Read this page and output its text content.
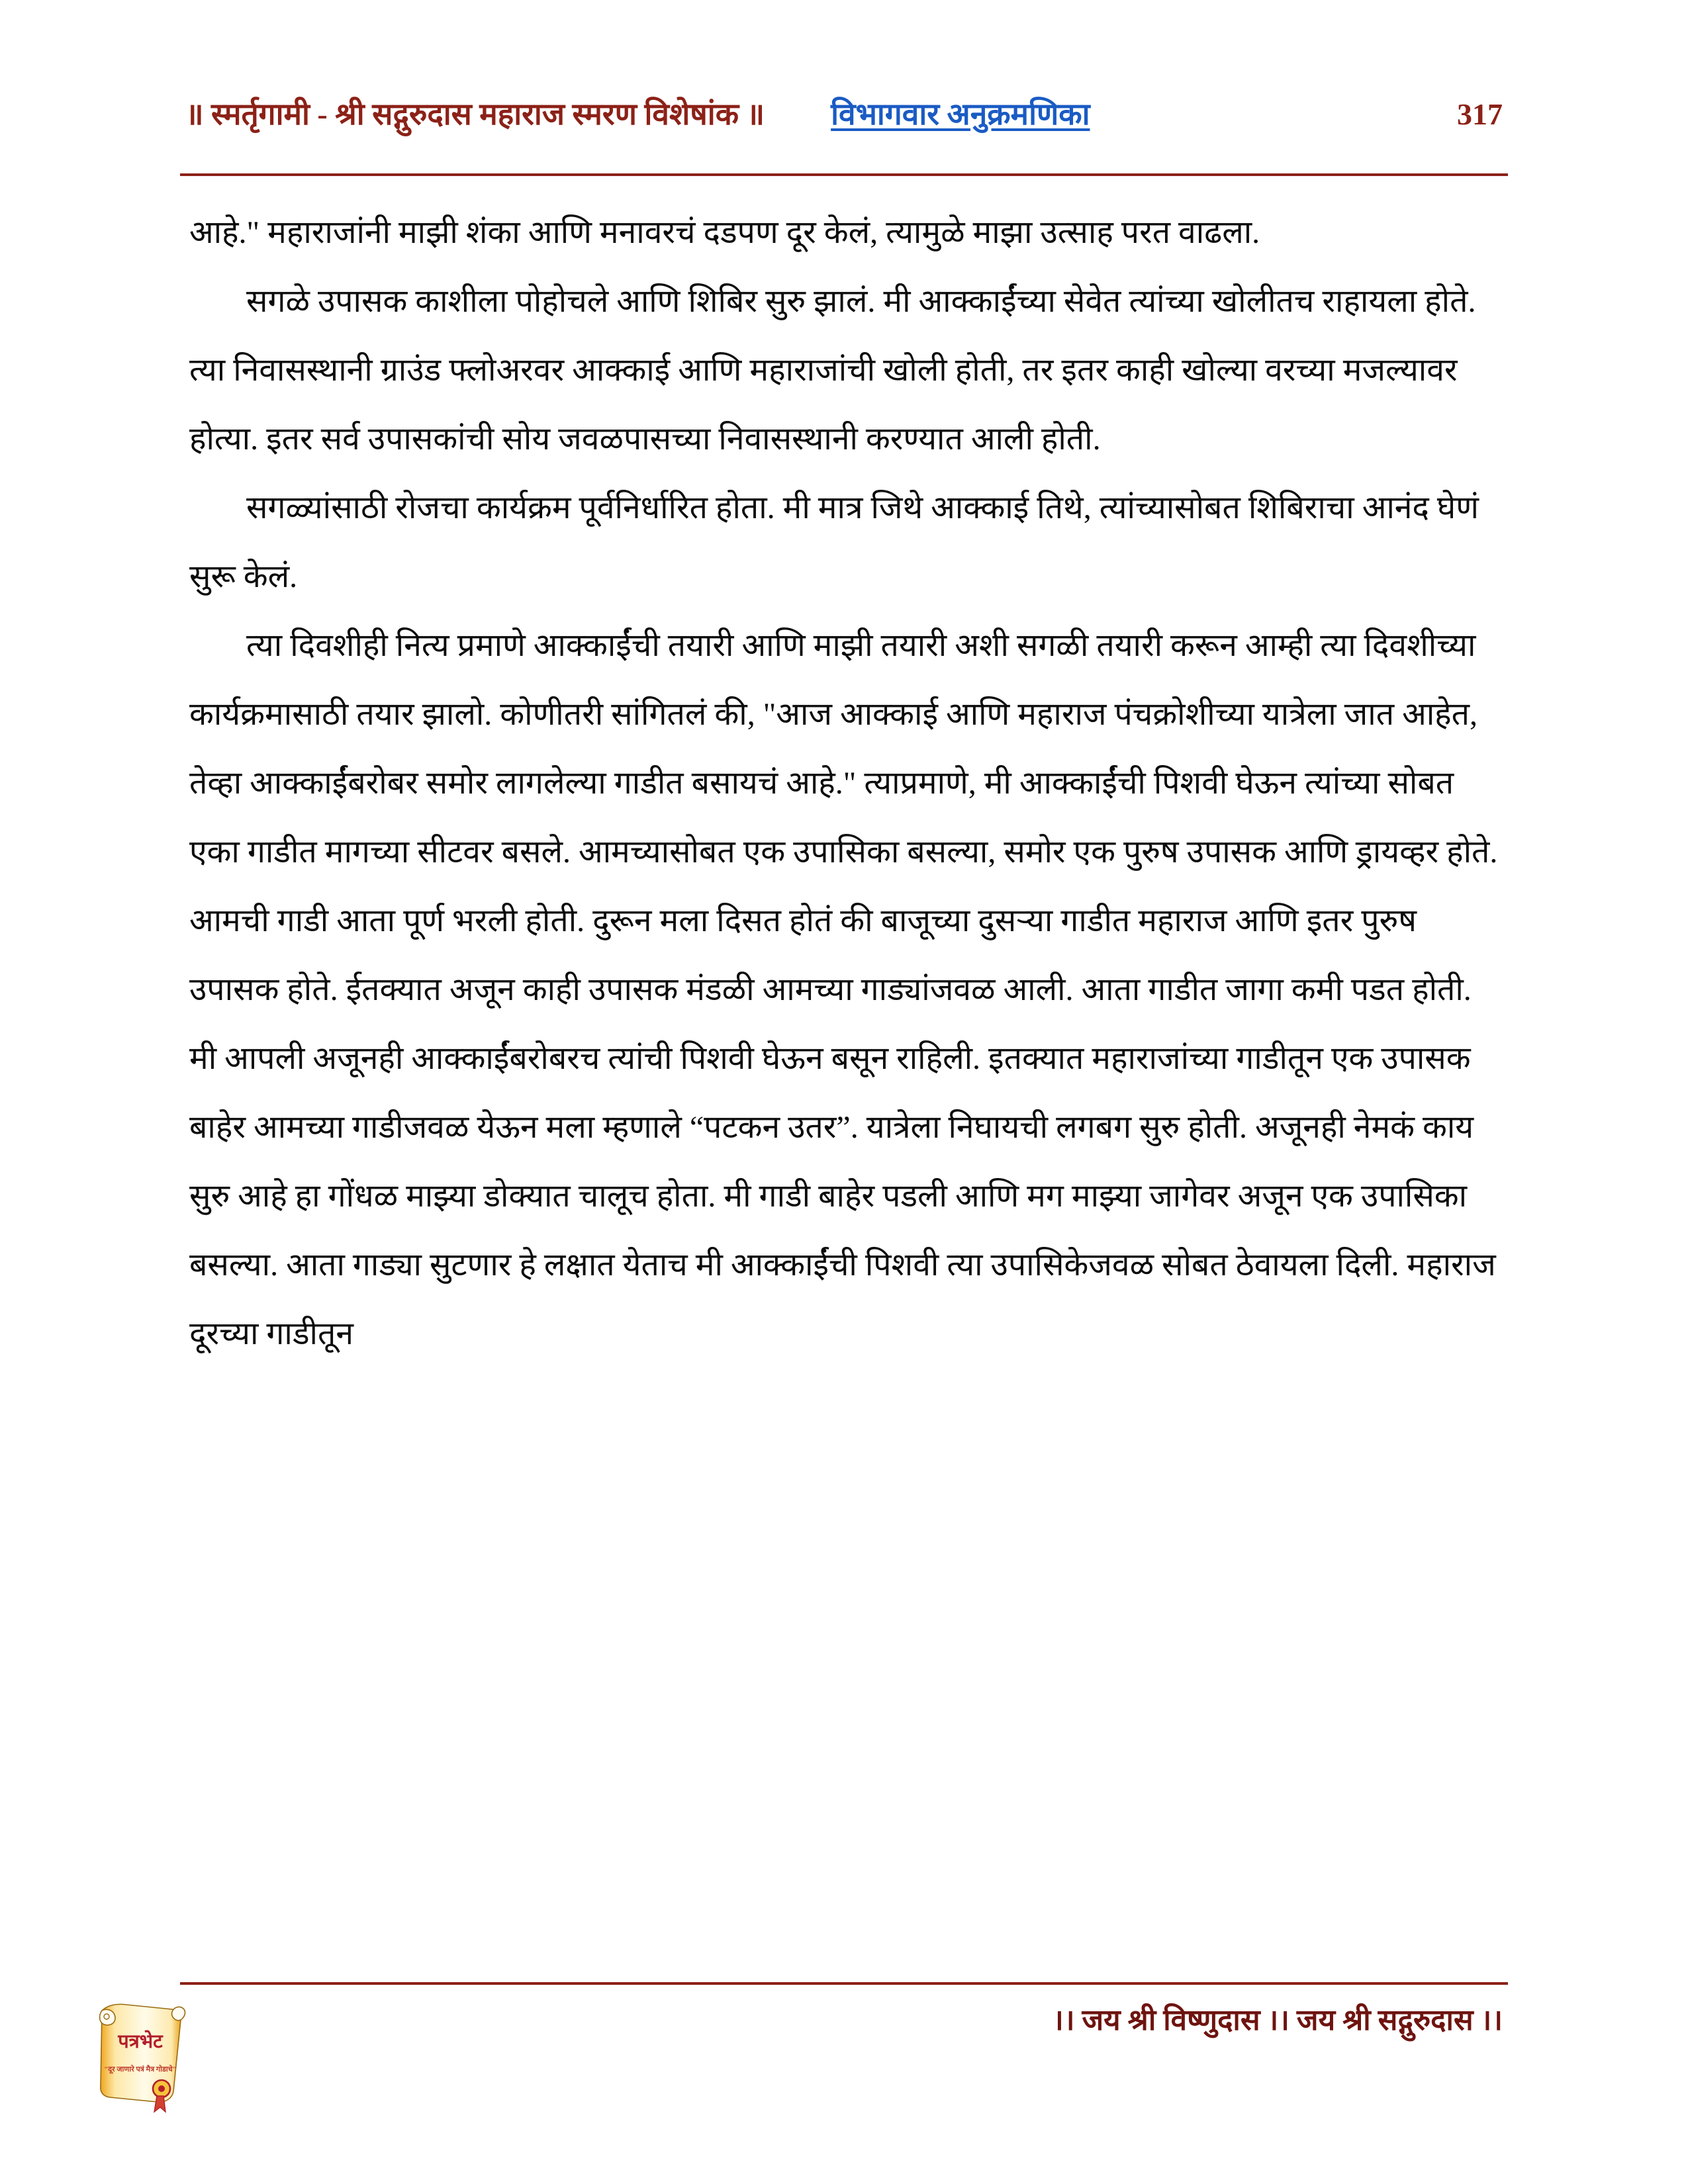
॥ स्मर्तृगामी - श्री सद्गुरुदास महाराज स्मरण विशेषांक ॥ विभागवार अनुक्रमणिका	317

आहे." महाराजांनी माझी शंका आणि मनावरचं दडपण दूर केलं, त्यामुळे माझा उत्साह परत वाढला.

सगळे उपासक काशीला पोहोचले आणि शिबिर सुरु झालं. मी आक्काईंच्या सेवेत त्यांच्या खोलीतच राहायला होते. त्या निवासस्थानी ग्राउंड फ्लोअरवर आक्काई आणि महाराजांची खोली होती, तर इतर काही खोल्या वरच्या मजल्यावर होत्या. इतर सर्व उपासकांची सोय जवळपासच्या निवासस्थानी करण्यात आली होती.

सगळ्यांसाठी रोजचा कार्यक्रम पूर्वनिर्धारित होता. मी मात्र जिथे आक्काई तिथे, त्यांच्यासोबत शिबिराचा आनंद घेणं सुरू केलं.

त्या दिवशीही नित्य प्रमाणे आक्काईंची तयारी आणि माझी तयारी अशी सगळी तयारी करून आम्ही त्या दिवशीच्या कार्यक्रमासाठी तयार झालो. कोणीतरी सांगितलं की, "आज आक्काई आणि महाराज पंचक्रोशीच्या यात्रेला जात आहेत, तेव्हा आक्काईंबरोबर समोर लागलेल्या गाडीत बसायचं आहे." त्याप्रमाणे, मी आक्काईंची पिशवी घेऊन त्यांच्या सोबत एका गाडीत मागच्या सीटवर बसले. आमच्यासोबत एक उपासिका बसल्या, समोर एक पुरुष उपासक आणि ड्रायव्हर होते. आमची गाडी आता पूर्ण भरली होती. दुरून मला दिसत होतं की बाजूच्या दुसऱ्या गाडीत महाराज आणि इतर पुरुष उपासक होते. ईतक्यात अजून काही उपासक मंडळी आमच्या गाड्यांजवळ आली. आता गाडीत जागा कमी पडत होती. मी आपली अजूनही आक्काईंबरोबरच त्यांची पिशवी घेऊन बसून राहिली. इतक्यात महाराजांच्या गाडीतून एक उपासक बाहेर आमच्या गाडीजवळ येऊन मला म्हणाले “पटकन उतर”. यात्रेला निघायची लगबग सुरु होती. अजूनही नेमकं काय सुरु आहे हा गोंधळ माझ्या डोक्यात चालूच होता. मी गाडी बाहेर पडली आणि मग माझ्या जागेवर अजून एक उपासिका बसल्या. आता गाड्या सुटणार हे लक्षात येताच मी आक्काईंची पिशवी त्या उपासिकेजवळ सोबत ठेवायला दिली. महाराज दूरच्या गाडीतून

।। जय श्री विष्णुदास ।। जय श्री सद्गुरुदास ।।
पत्रभेट
"दूर जाणारे पत्रं मैत्र गोडाचे"
